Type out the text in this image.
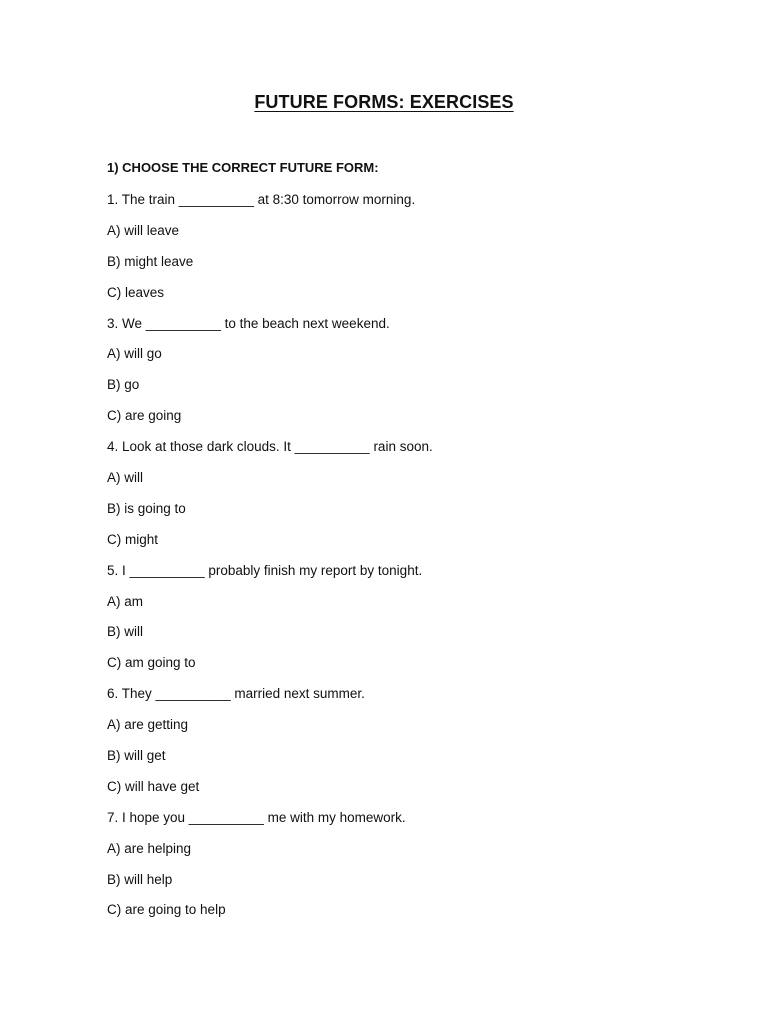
FUTURE FORMS: EXERCISES
1) CHOOSE THE CORRECT FUTURE FORM:
1. The train __________ at 8:30 tomorrow morning.
A) will leave
B) might leave
C) leaves
3. We __________ to the beach next weekend.
A) will go
B) go
C) are going
4. Look at those dark clouds. It __________ rain soon.
A) will
B) is going to
C) might
5. I __________ probably finish my report by tonight.
A) am
B) will
C) am going to
6. They __________ married next summer.
A) are getting
B) will get
C) will have get
7. I hope you __________ me with my homework.
A) are helping
B) will help
C) are going to help
